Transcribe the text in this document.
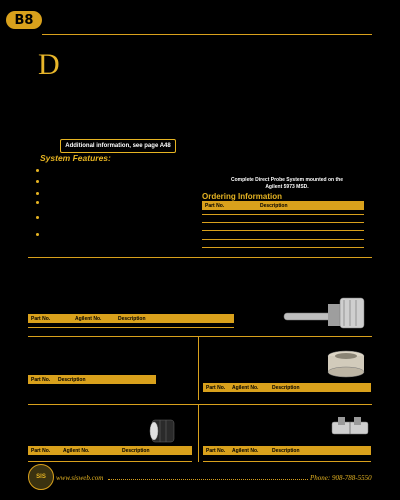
B8
D
Additional information, see page A48
System Features:
Complete Direct Probe System mounted on the Agilent 5973 MSD.
Ordering Information
Part No.	Description
Part No.	Agilent No.	Description
Part No. Description
Part No. Agilent No.	Description
Part No.	Agilent No.	Description	Part No. Agilent No.	Description
SIS	www.sisweb.com	Phone: 908-788-5550
